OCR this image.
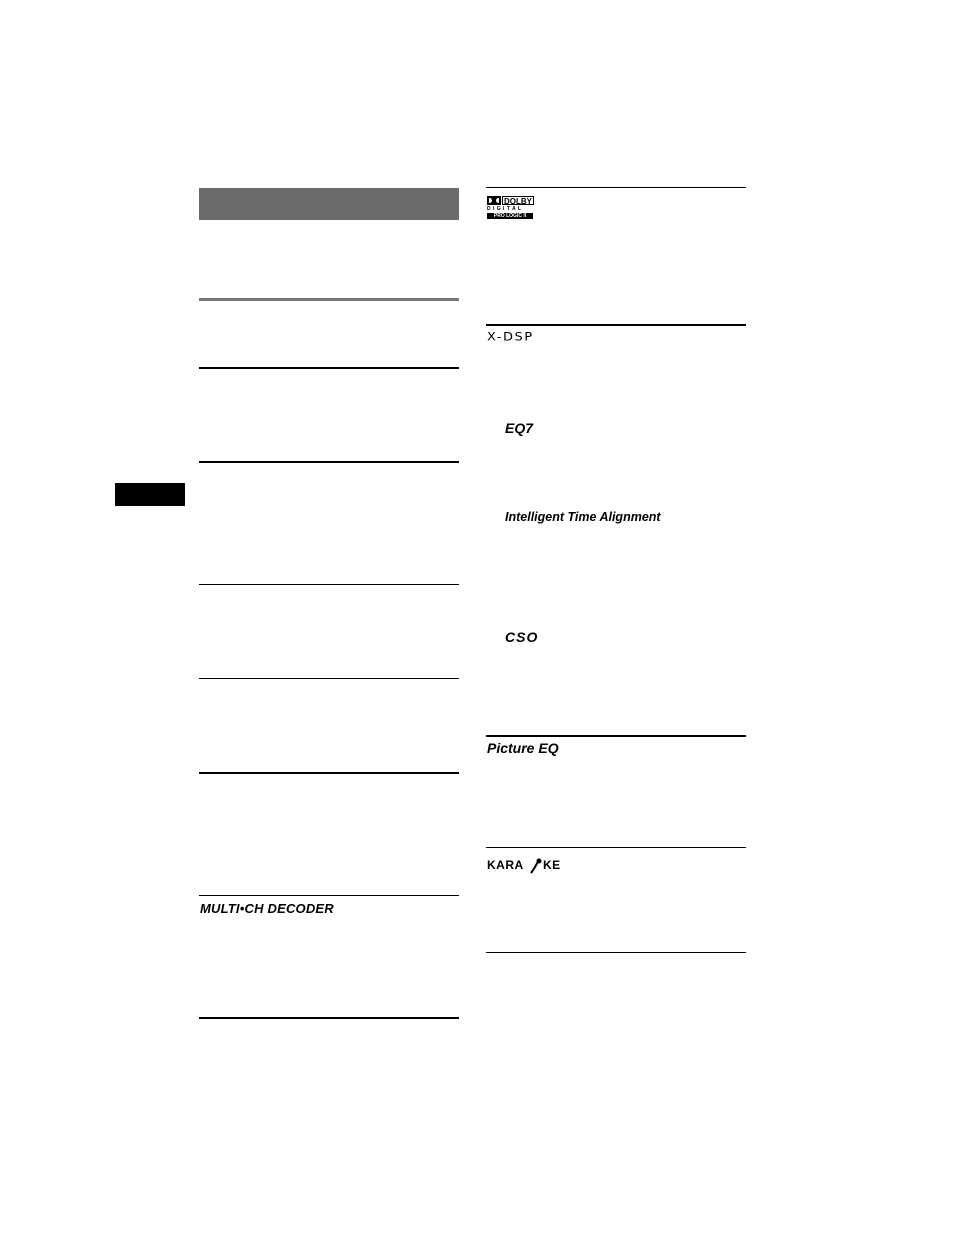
MULTI•CH DECODER
DOLBY
D I G I T A L
PRO LOGIC II
X-DSP
EQ7
Intelligent Time Alignment
CSO
Picture EQ
KARA KE
